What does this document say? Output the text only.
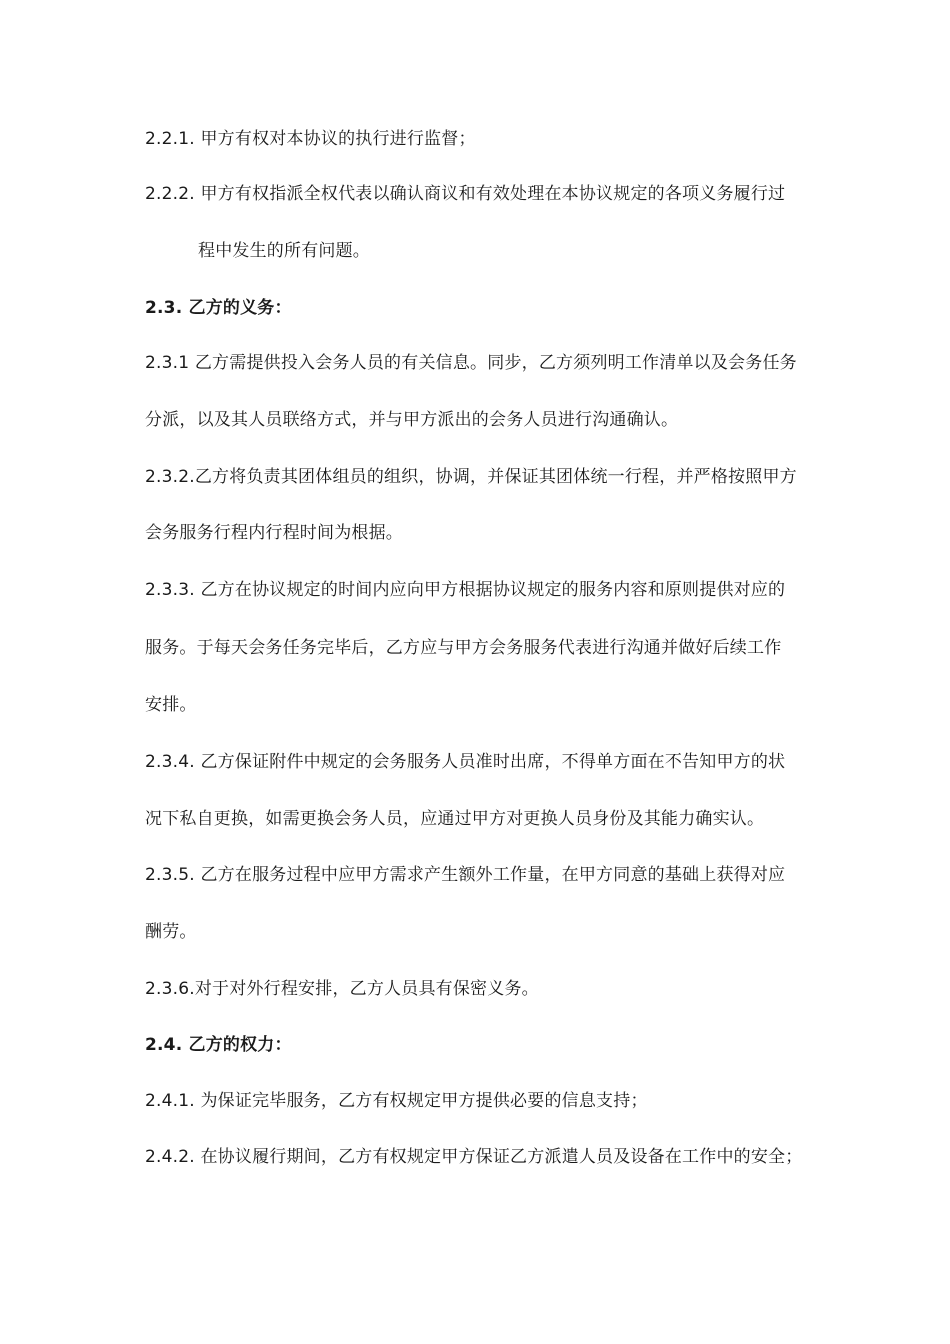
2.2.1. 甲方有权对本协议的执行进行监督；
2.2.2. 甲方有权指派全权代表以确认商议和有效处理在本协议规定的各项义务履行过
程中发生的所有问题。
2.3. 乙方的义务：
2.3.1 乙方需提供投入会务人员的有关信息。同步，乙方须列明工作清单以及会务任务
分派，以及其人员联络方式，并与甲方派出的会务人员进行沟通确认。
2.3.2.乙方将负责其团体组员的组织，协调，并保证其团体统一行程，并严格按照甲方
会务服务行程内行程时间为根据。
2.3.3. 乙方在协议规定的时间内应向甲方根据协议规定的服务内容和原则提供对应的
服务。于每天会务任务完毕后，乙方应与甲方会务服务代表进行沟通并做好后续工作
安排。
2.3.4. 乙方保证附件中规定的会务服务人员准时出席，不得单方面在不告知甲方的状
况下私自更换，如需更换会务人员，应通过甲方对更换人员身份及其能力确实认。
2.3.5. 乙方在服务过程中应甲方需求产生额外工作量，在甲方同意的基础上获得对应
酬劳。
2.3.6.对于对外行程安排，乙方人员具有保密义务。
2.4. 乙方的权力：
2.4.1. 为保证完毕服务，乙方有权规定甲方提供必要的信息支持；
2.4.2. 在协议履行期间，乙方有权规定甲方保证乙方派遣人员及设备在工作中的安全；
